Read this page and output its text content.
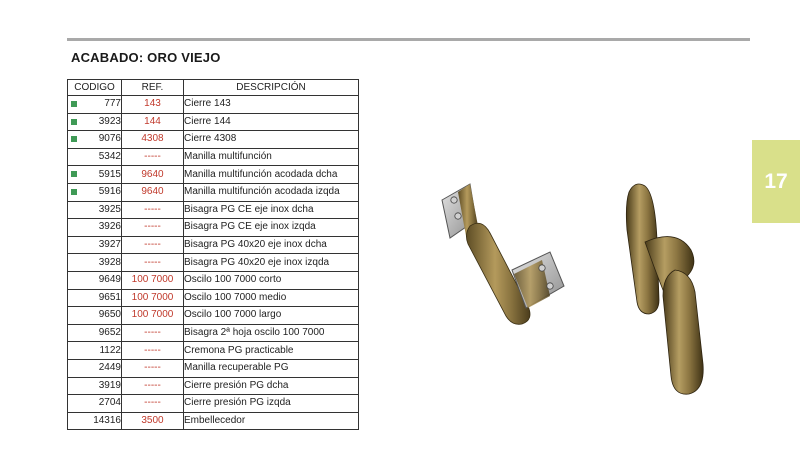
ACABADO: ORO VIEJO
17
CODIGO	REF.	DESCRIPCIÓN

777	143	Cierre 143

3923	144	Cierre 144

9076	4308	Cierre 4308
5342	-----	Manilla multifunción

5915	9640	Manilla multifunción acodada dcha

5916	9640	Manilla multifunción acodada izqda
3925	-----	Bisagra PG CE eje inox dcha
3926	-----	Bisagra PG CE eje inox izqda
3927	-----	Bisagra PG 40x20 eje inox dcha
3928	-----	Bisagra PG 40x20 eje inox izqda
9649	100 7000	Oscilo 100 7000 corto
9651	100 7000	Oscilo 100 7000 medio
9650	100 7000	Oscilo 100 7000 largo
9652	-----	Bisagra 2ª hoja oscilo 100 7000
1122	-----	Cremona PG practicable
2449	-----	Manilla recuperable PG
3919	-----	Cierre presión PG dcha
2704	-----	Cierre presión PG izqda
14316	3500	Embellecedor
